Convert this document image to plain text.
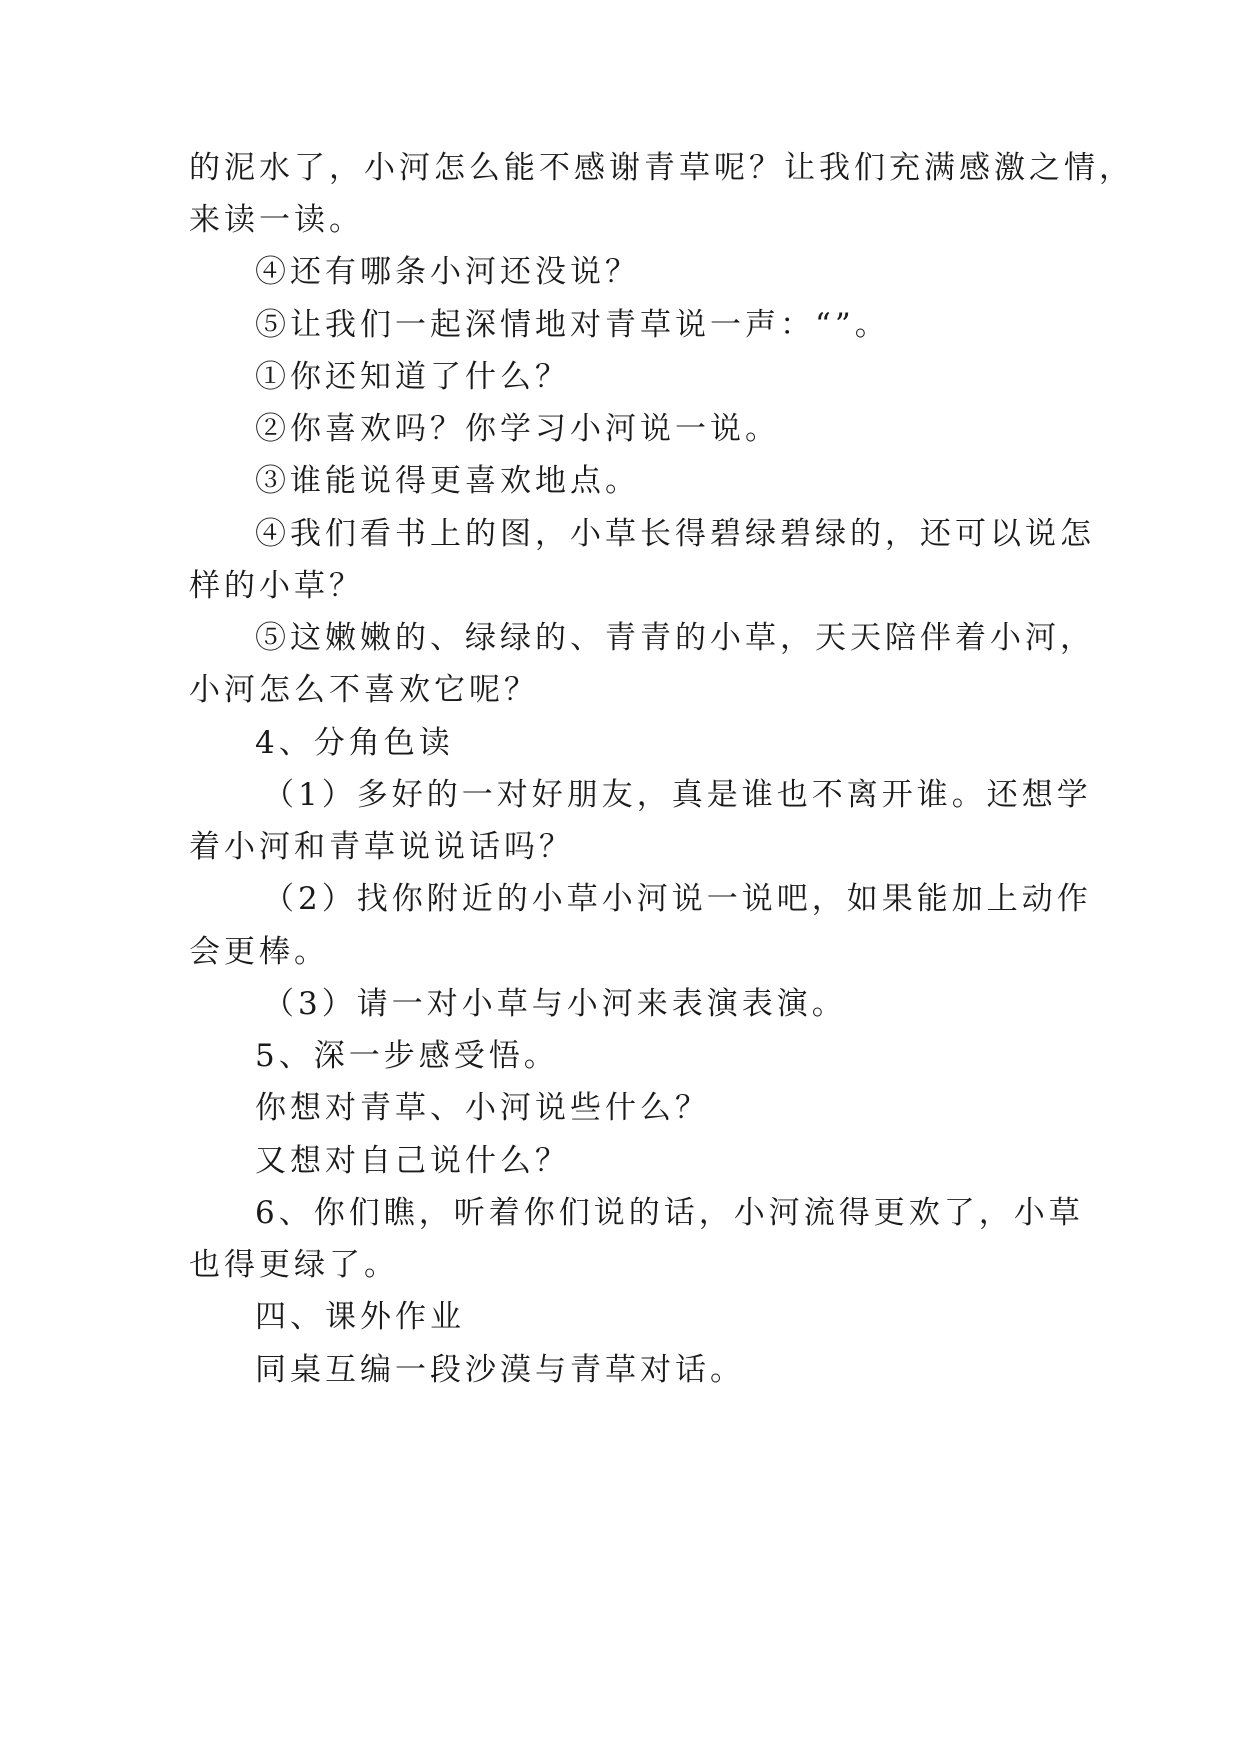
的泥水了，小河怎么能不感谢青草呢？让我们充满感激之情，
来读一读。
④还有哪条小河还没说？
⑤让我们一起深情地对青草说一声：“”。
①你还知道了什么？
②你喜欢吗？你学习小河说一说。
③谁能说得更喜欢地点。
④我们看书上的图，小草长得碧绿碧绿的，还可以说怎
样的小草？
⑤这嫩嫩的、绿绿的、青青的小草，天天陪伴着小河，
小河怎么不喜欢它呢？
4、分角色读
（1）多好的一对好朋友，真是谁也不离开谁。还想学
着小河和青草说说话吗？
（2）找你附近的小草小河说一说吧，如果能加上动作
会更棒。
（3）请一对小草与小河来表演表演。
5、深一步感受悟。
你想对青草、小河说些什么？
又想对自己说什么？
6、你们瞧，听着你们说的话，小河流得更欢了，小草
也得更绿了。
四、课外作业
同桌互编一段沙漠与青草对话。
